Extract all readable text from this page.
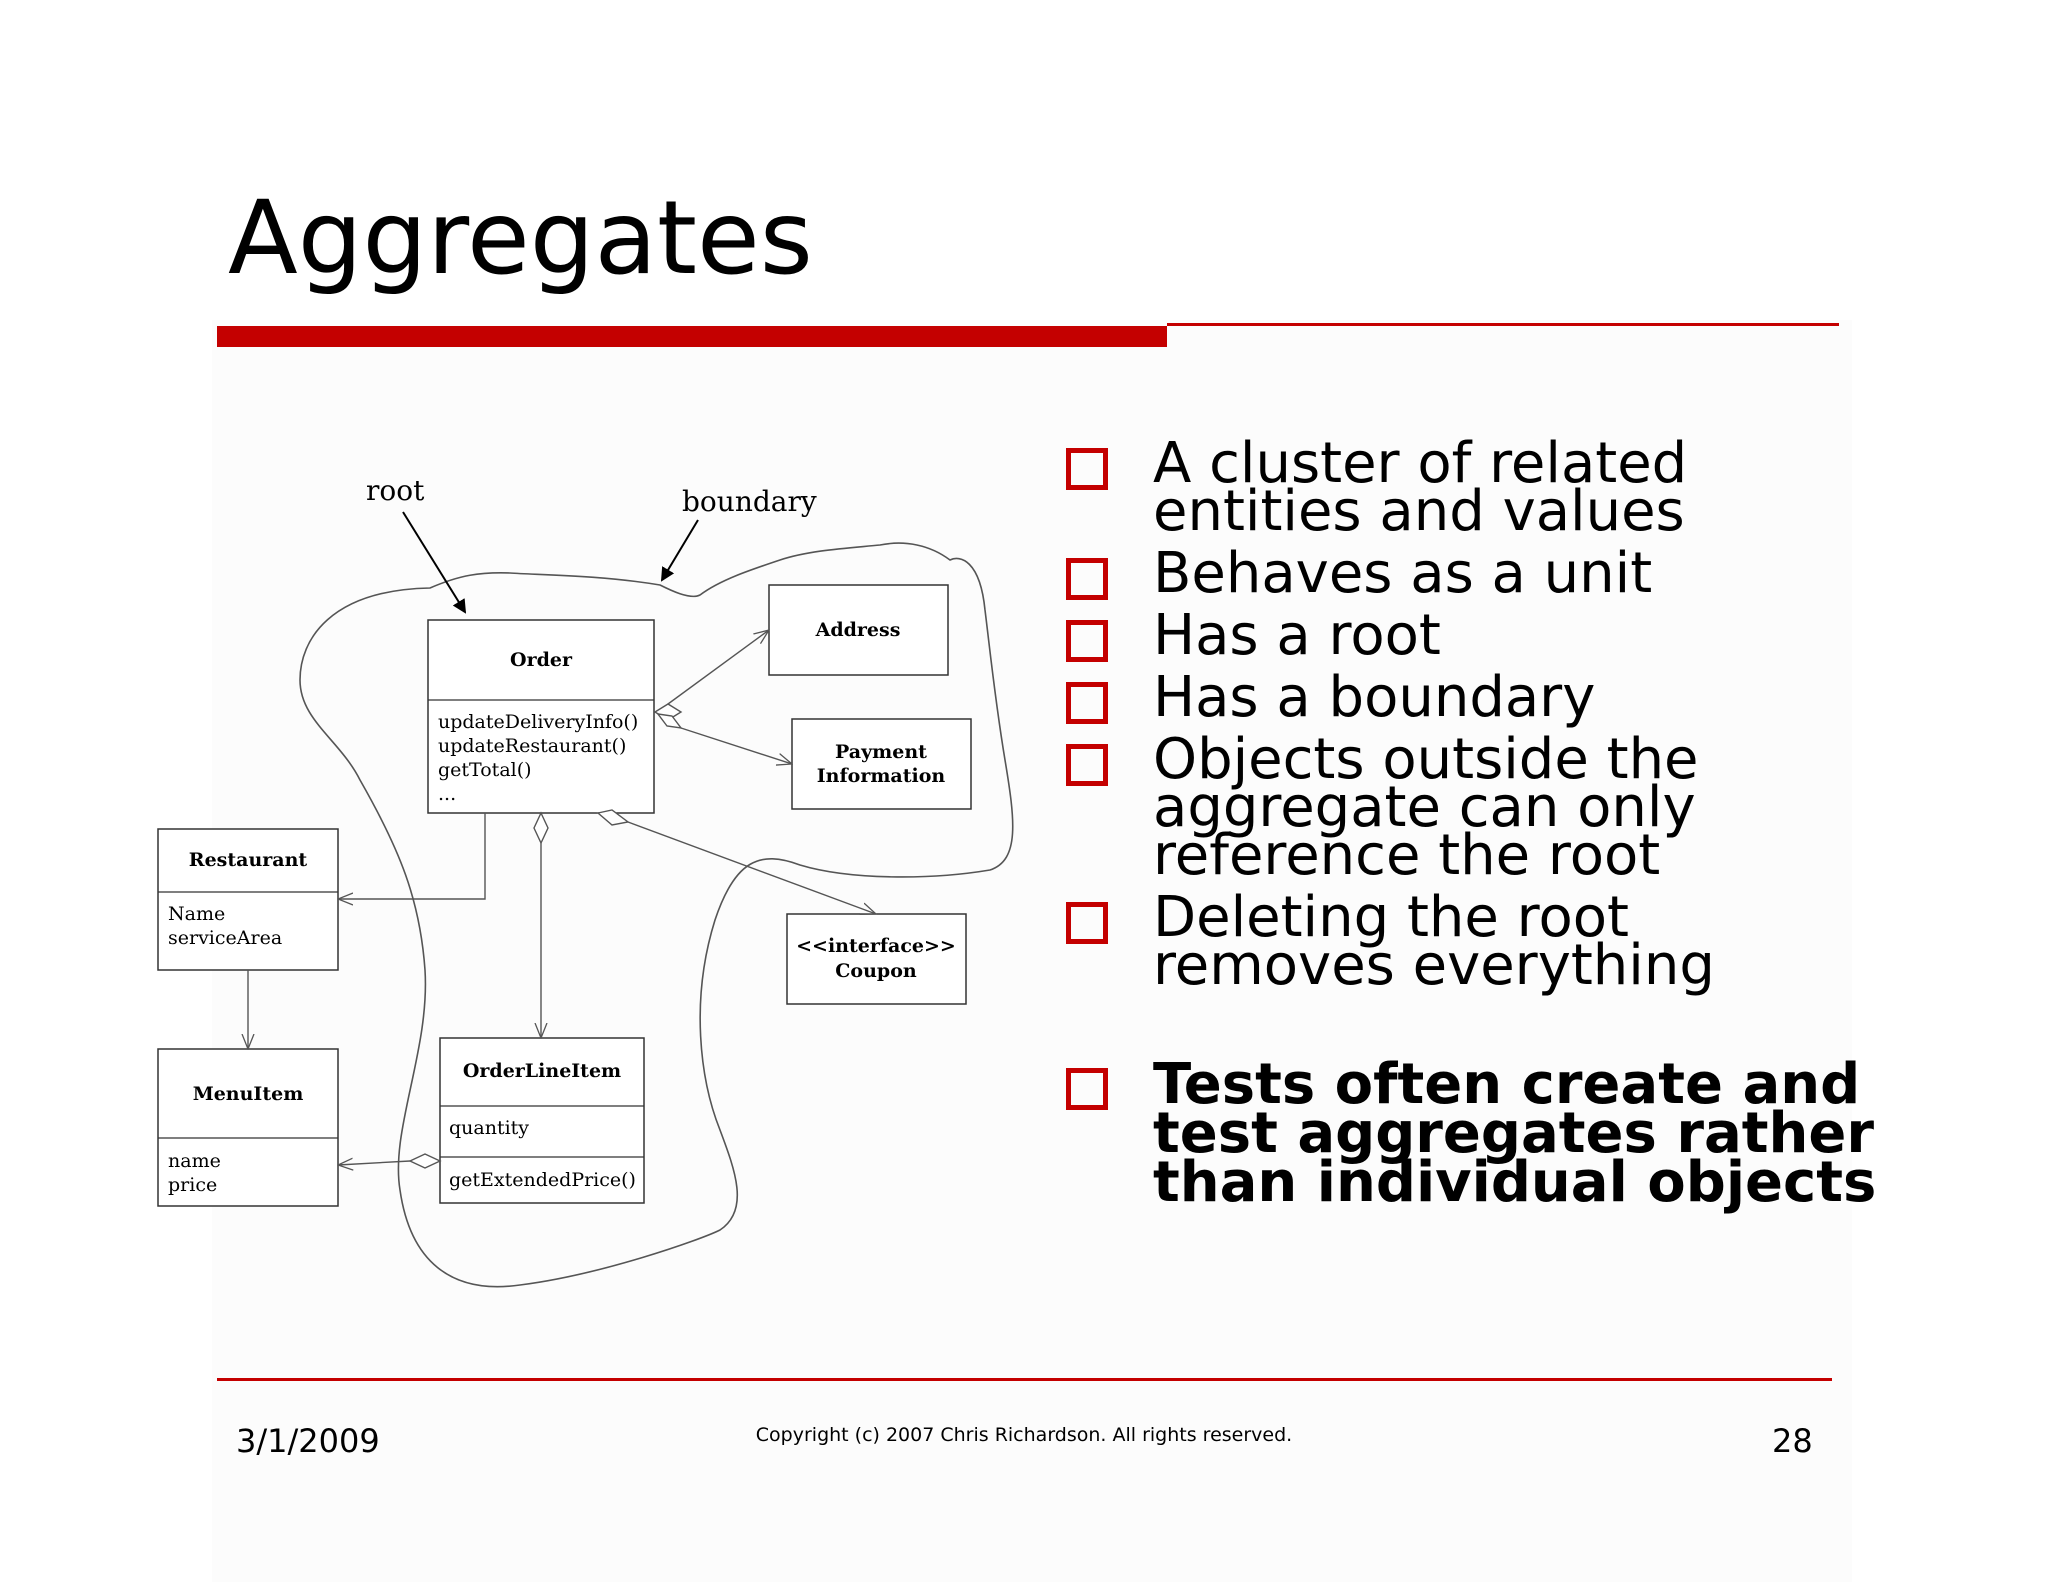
Aggregates
root	boundary
Order
updateDeliveryInfo()
updateRestaurant()
getTotal()
...
Address
Payment
Information
<<interface>>
Coupon
Restaurant
Name
serviceArea
MenuItem
name
price
OrderLineItem
quantity
getExtendedPrice()
A cluster of related entities and values
Behaves as a unit
Has a root
Has a boundary
Objects outside the aggregate can only reference the root
Deleting the root removes everything
Tests often create and test aggregates rather than individual objects
3/1/2009	Copyright (c) 2007 Chris Richardson. All rights reserved.	28
